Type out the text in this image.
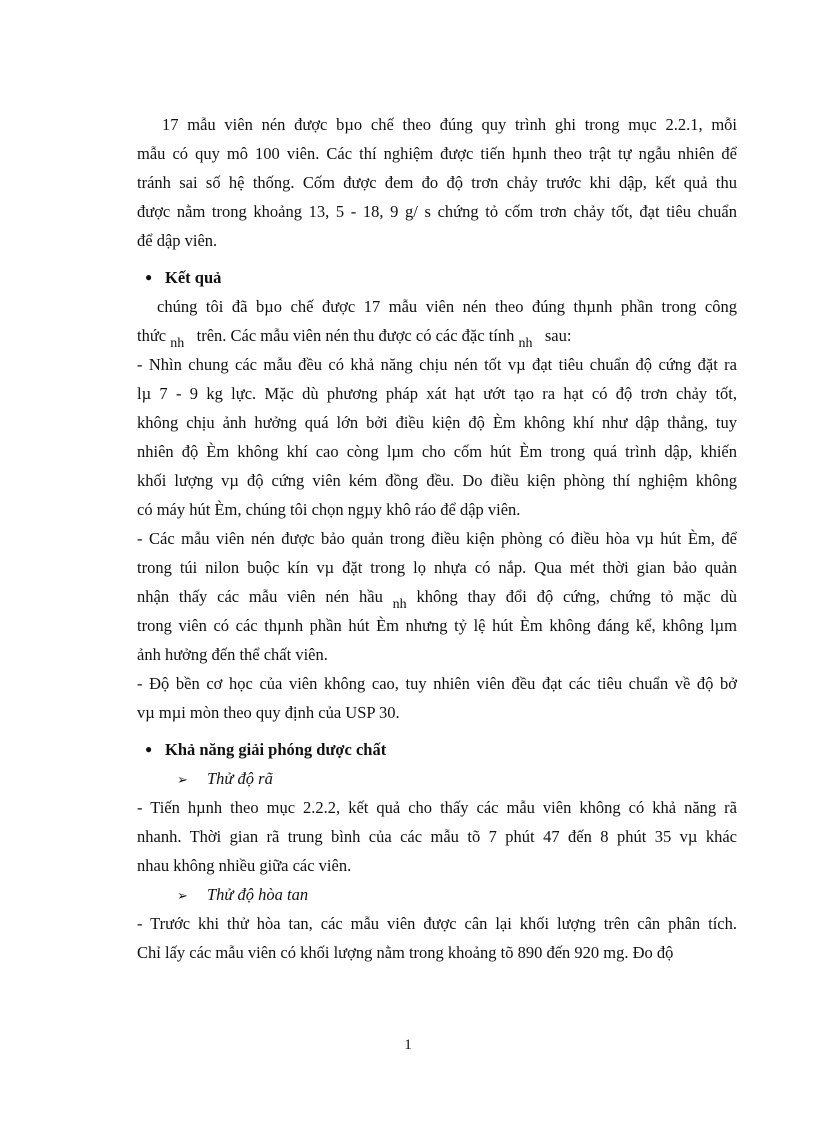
17 mẫu viên nén được bµo chế theo đúng quy trình ghi trong mục 2.2.1, mỗi
mẫu có quy mô 100 viên. Các thí nghiệm được tiến hµnh theo trật tự ngẫu nhiên để
tránh sai số hệ thống. Cốm được đem đo độ trơn chảy trước khi dập, kết quả thu
được nằm trong khoảng 13, 5 - 18, 9 g/ s chứng tỏ cốm trơn chảy tốt, đạt tiêu chuẩn
để dập viên.
● Kết quả
chúng tôi đã bµo chế được 17 mẫu viên nén theo đúng thµnh phần trong công
thức $_{nh}$ trên. Các mẫu viên nén thu được có các đặc tính $_{nh}$ sau:
- Nhìn chung các mẫu đều có khả năng chịu nén tốt vµ đạt tiêu chuẩn độ cứng đặt ra
lµ 7 - 9 kg lực. Mặc dù phương pháp xát hạt ướt tạo ra hạt có độ trơn chảy tốt,
không chịu ảnh hưởng quá lớn bởi điều kiện độ Èm không khí như dập thẳng, tuy
nhiên độ Èm không khí cao còng lµm cho cốm hút Èm trong quá trình dập, khiến
khối lượng vµ độ cứng viên kém đồng đều. Do điều kiện phòng thí nghiệm không
có máy hút Èm, chúng tôi chọn ngµy khô ráo để dập viên.
- Các mẫu viên nén được bảo quản trong điều kiện phòng có điều hòa vµ hút Èm, để
trong túi nilon buộc kín vµ đặt trong lọ nhựa có nắp. Qua mét thời gian bảo quản
nhận thấy các mẫu viên nén hầu $_{nh}$ không thay đổi độ cứng, chứng tỏ mặc dù
trong viên có các thµnh phần hút Èm nhưng tỷ lệ hút Èm không đáng kể, không lµm
ảnh hưởng đến thể chất viên.
- Độ bền cơ học của viên không cao, tuy nhiên viên đều đạt các tiêu chuẩn về độ bở
vµ mµi mòn theo quy định của USP 30.
● Khả năng giải phóng dược chất
➢ Thử độ rã
- Tiến hµnh theo mục 2.2.2, kết quả cho thấy các mẫu viên không có khả năng rã
nhanh. Thời gian rã trung bình của các mẫu tõ 7 phút 47 đến 8 phút 35 vµ khác
nhau không nhiều giữa các viên.
➢ Thử độ hòa tan
- Trước khi thử hòa tan, các mẫu viên được cân lại khối lượng trên cân phân tích.
Chỉ lấy các mẫu viên có khối lượng nằm trong khoảng tõ 890 đến 920 mg. Đo độ
1
